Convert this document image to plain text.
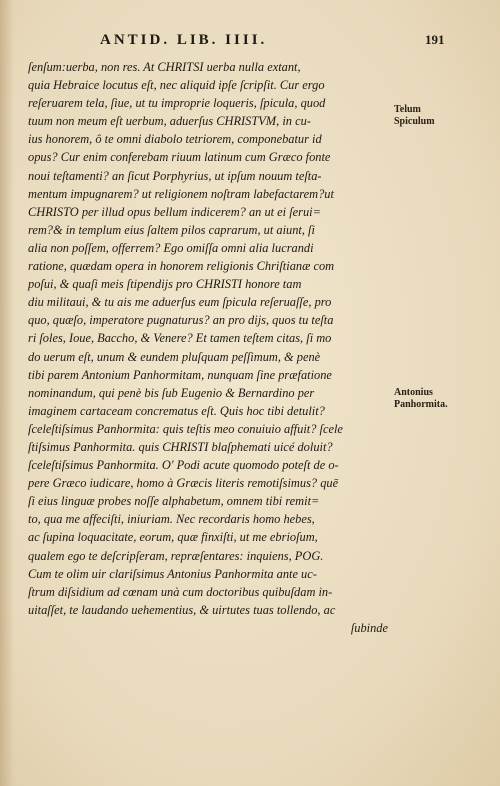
ANTID. LIB. IIII.	191
ſenſum:uerba, non res. At CHRITSI uerba nulla extant,
quia Hebraice locutus eſt, nec aliquid ipſe ſcripſit. Cur ergo
reſeruarem tela, ſiue, ut tu improprie loqueris, ſpicula, quod
tuum non meum eſt uerbum, aduerſus CHRISTVM, in cu-
ius honorem, ô te omni diabolo tetriorem, componebatur id
opus? Cur enim conferebam riuum latinum cum Græco fonte
noui teſtamenti? an ſicut Porphyrius, ut ipſum nouum teſta-
mentum impugnarem? ut religionem noſtram labefactarem?ut
CHRISTO per illud opus bellum indicerem? an ut ei ſerui=
rem?& in templum eius ſaltem pilos caprarum, ut aiunt, ſi
alia non poſſem, offerrem? Ego omiſſa omni alia lucrandi
ratione, quædam opera in honorem religionis Chriſtianæ com
poſui, & quaſi meis ſtipendijs pro CHRISTI honore tam
diu militaui, & tu ais me aduerſus eum ſpicula reſeruaſſe, pro
quo, quæſo, imperatore pugnaturus? an pro dijs, quos tu teſta
ri ſoles, Ioue, Baccho, & Venere? Et tamen teſtem citas, ſi mo
do uerum eſt, unum & eundem pluſquam peſſimum, & penè
tibi parem Antonium Panhormitam, nunquam ſine præfatione
nominandum, qui penè bis ſub Eugenio & Bernardino per
imaginem cartaceam concrematus eſt. Quis hoc tibi detulit?
ſceleſtiſsimus Panhormita: quis teſtis meo conuiuio affuit? ſcele
ſtiſsimus Panhormita. quis CHRISTI blaſphemati uicé doluit?
ſceleſtiſsimus Panhormita. O' Podi acute quomodo poteſt de o-
pere Græco iudicare, homo à Græcis literis remotiſsimus? quē
ſi eius linguæ probes noſſe alphabetum, omnem tibi remit=
to, qua me affeciſti, iniuriam. Nec recordaris homo hebes,
ac ſupina loquacitate, eorum, quæ finxiſti, ut me ebrioſum,
qualem ego te deſcripſeram, repræſentares: inquiens, POG.
Cum te olim uir clariſsimus Antonius Panhormita ante uc-
ſtrum diſsidium ad cœnam unà cum doctoribus quibuſdam in-
uitaſſet, te laudando uehementius, & uirtutes tuas tollendo, ac
ſubinde
Telum
Spiculum
Antonius
Panhormita.
